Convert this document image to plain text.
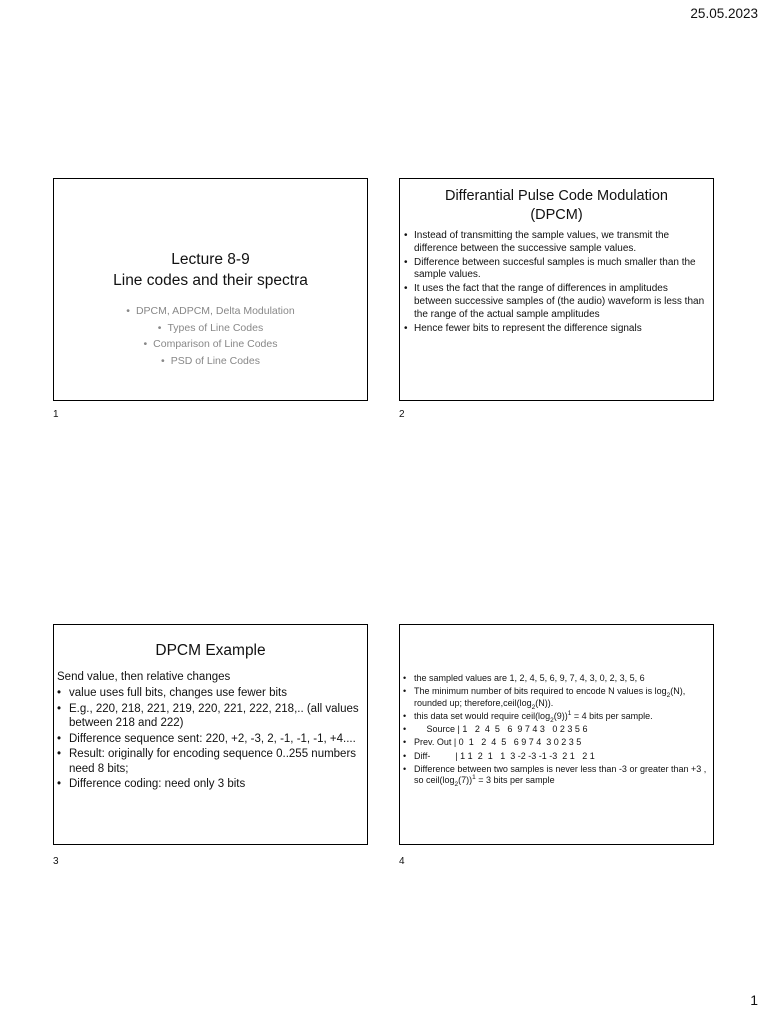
25.05.2023
Lecture 8-9
Line codes and their spectra
• DPCM, ADPCM, Delta Modulation
• Types of Line Codes
• Comparison of Line Codes
• PSD of Line Codes
1
Differantial Pulse Code Modulation
(DPCM)
• Instead of transmitting the sample values, we transmit the difference between the successive sample values.
• Difference between succesful samples is much smaller than the sample values.
• It uses the fact that the range of differences in amplitudes between successive samples of (the audio) waveform is less than the range of the actual sample amplitudes
• Hence fewer bits to represent the difference signals
2
DPCM Example
Send value, then relative changes
• value uses full bits, changes use fewer bits
• E.g., 220, 218, 221, 219, 220, 221, 222, 218,.. (all values between 218 and 222)
• Difference sequence sent: 220, +2, -3, 2, -1, -1, -1, +4....
• Result: originally for encoding sequence 0..255 numbers need 8 bits;
• Difference coding: need only 3 bits
3
• the sampled values are 1, 2, 4, 5, 6, 9, 7, 4, 3, 0, 2, 3, 5, 6
• The minimum number of bits required to encode N values is $\log_2(N)$, rounded up; $therefore,ceil(\log_2(N))$.
• this data set would require $ceil(\log_2(9))^1 = 4$ bits per sample.
•      Source | 1   2  4  5   6  9 7 4 3   0 2 3 5 6
• Prev. Out | 0  1   2  4  5   6 9 7 4  3 0 2 3 5
• Diff-          | 1 1  2  1   1  3 -2 -3 -1 -3  2 1   2 1
• Difference between two samples is never less than -3 or greater than +3 , so $ceil(\log_2(7))^1 = 3$ bits per sample
4
1
